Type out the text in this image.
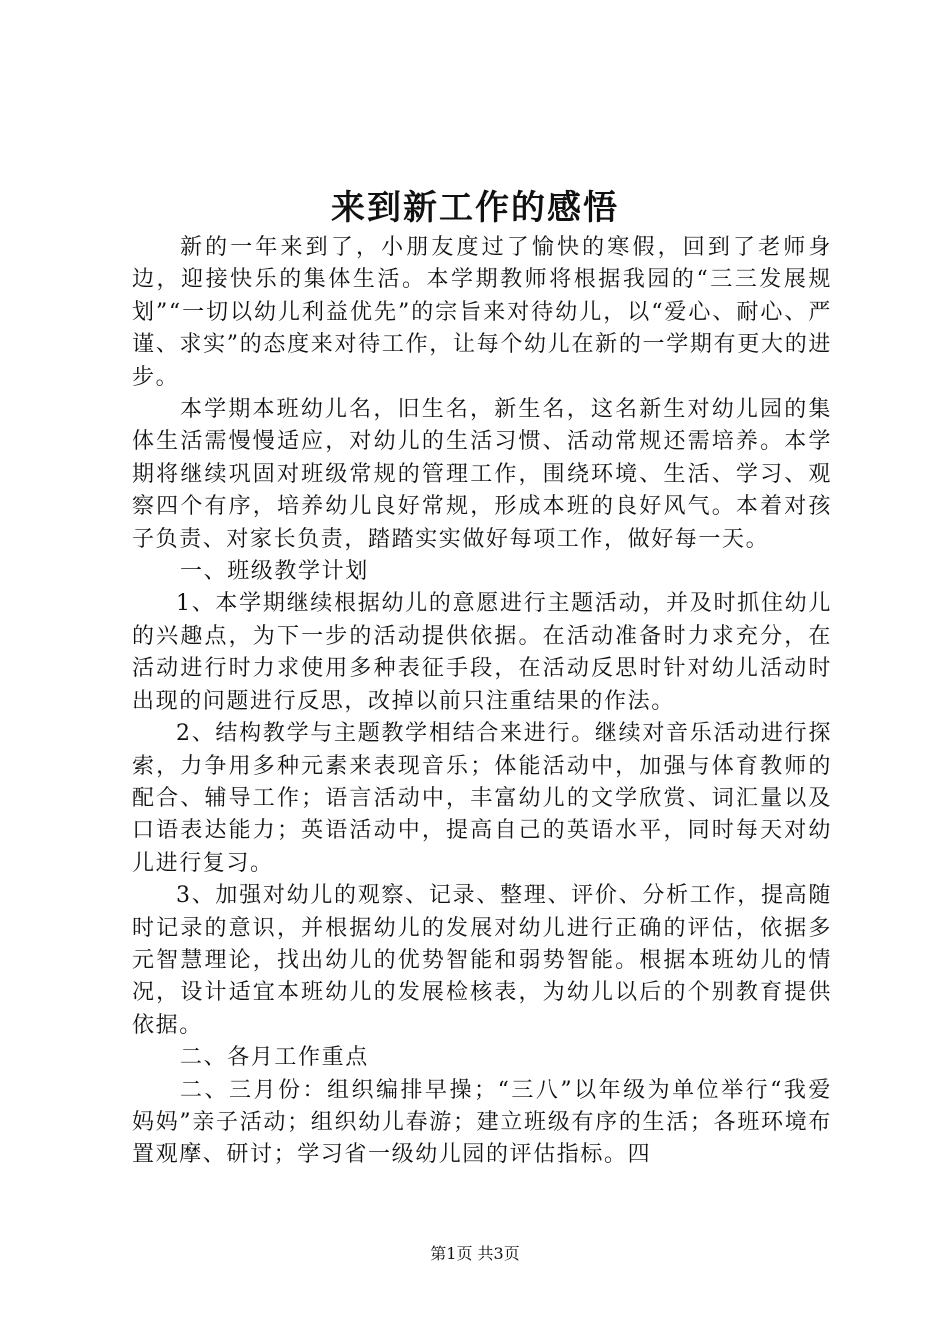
来到新工作的感悟

新的一年来到了，小朋友度过了愉快的寒假，回到了老师身边，迎接快乐的集体生活。本学期教师将根据我园的“三三发展规划”“一切以幼儿利益优先”的宗旨来对待幼儿，以“爱心、耐心、严谨、求实”的态度来对待工作，让每个幼儿在新的一学期有更大的进步。

本学期本班幼儿名，旧生名，新生名，这名新生对幼儿园的集体生活需慢慢适应，对幼儿的生活习惯、活动常规还需培养。本学期将继续巩固对班级常规的管理工作，围绕环境、生活、学习、观察四个有序，培养幼儿良好常规，形成本班的良好风气。本着对孩子负责、对家长负责，踏踏实实做好每项工作，做好每一天。

一、班级教学计划

1、本学期继续根据幼儿的意愿进行主题活动，并及时抓住幼儿的兴趣点，为下一步的活动提供依据。在活动准备时力求充分，在活动进行时力求使用多种表征手段，在活动反思时针对幼儿活动时出现的问题进行反思，改掉以前只注重结果的作法。

2、结构教学与主题教学相结合来进行。继续对音乐活动进行探索，力争用多种元素来表现音乐；体能活动中，加强与体育教师的配合、辅导工作；语言活动中，丰富幼儿的文学欣赏、词汇量以及口语表达能力；英语活动中，提高自己的英语水平，同时每天对幼儿进行复习。

3、加强对幼儿的观察、记录、整理、评价、分析工作，提高随时记录的意识，并根据幼儿的发展对幼儿进行正确的评估，依据多元智慧理论，找出幼儿的优势智能和弱势智能。根据本班幼儿的情况，设计适宜本班幼儿的发展检核表，为幼儿以后的个别教育提供依据。

二、各月工作重点

二、三月份：组织编排早操；“三八”以年级为单位举行“我爱妈妈”亲子活动；组织幼儿春游；建立班级有序的生活；各班环境布置观摩、研讨；学习省一级幼儿园的评估指标。四

第1页 共3页
